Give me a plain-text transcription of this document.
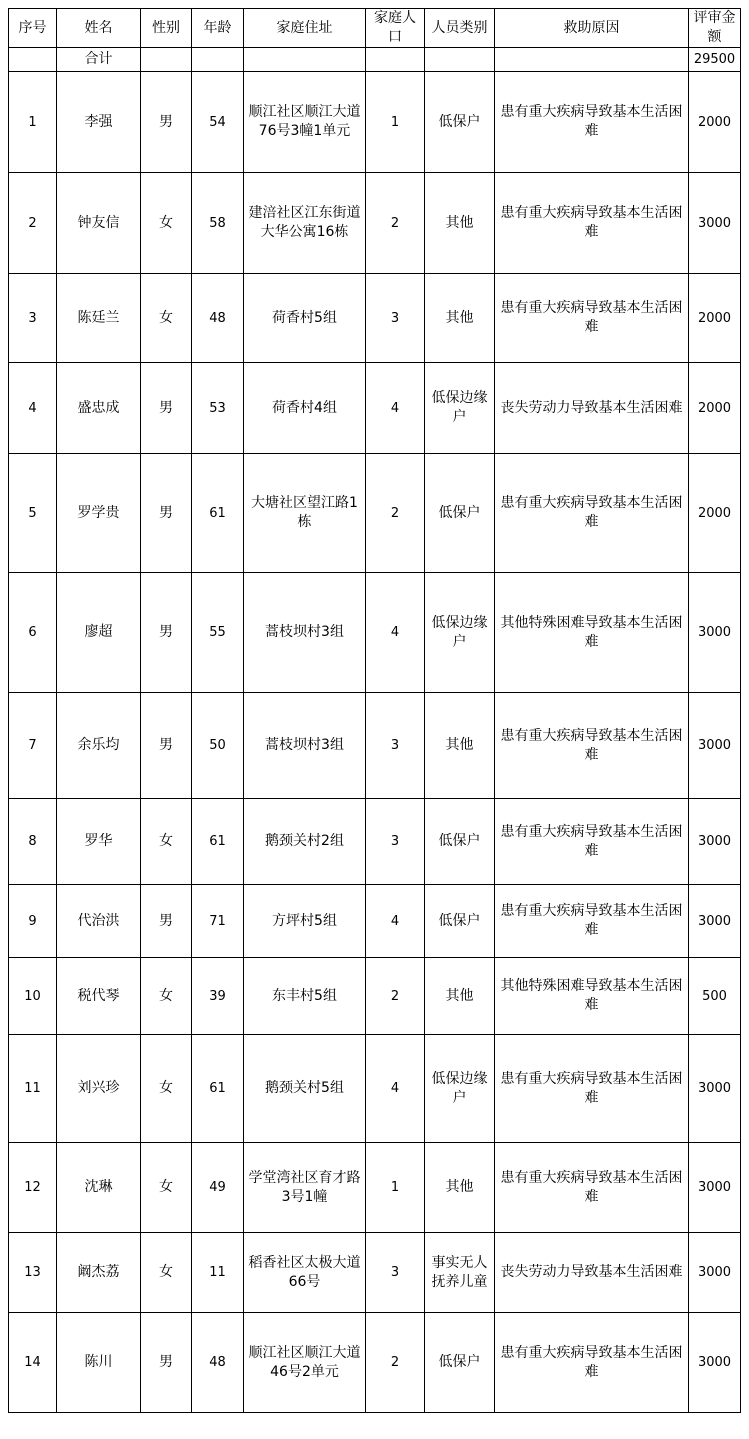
序号	姓名	性别	年龄	家庭住址	家庭人口	人员类别	救助原因	评审金额
	合计							29500
1	李强	男	54	顺江社区顺江大道76号3幢1单元	1	低保户	患有重大疾病导致基本生活困难	2000
2	钟友信	女	58	建涪社区江东街道大华公寓16栋	2	其他	患有重大疾病导致基本生活困难	3000
3	陈廷兰	女	48	荷香村5组	3	其他	患有重大疾病导致基本生活困难	2000
4	盛忠成	男	53	荷香村4组	4	低保边缘户	丧失劳动力导致基本生活困难	2000
5	罗学贵	男	61	大塘社区望江路1栋	2	低保户	患有重大疾病导致基本生活困难	2000
6	廖超	男	55	蒿枝坝村3组	4	低保边缘户	其他特殊困难导致基本生活困难	3000
7	余乐均	男	50	蒿枝坝村3组	3	其他	患有重大疾病导致基本生活困难	3000
8	罗华	女	61	鹅颈关村2组	3	低保户	患有重大疾病导致基本生活困难	3000
9	代治洪	男	71	方坪村5组	4	低保户	患有重大疾病导致基本生活困难	3000
10	税代琴	女	39	东丰村5组	2	其他	其他特殊困难导致基本生活困难	500
11	刘兴珍	女	61	鹅颈关村5组	4	低保边缘户	患有重大疾病导致基本生活困难	3000
12	沈琳	女	49	学堂湾社区育才路3号1幢	1	其他	患有重大疾病导致基本生活困难	3000
13	阚杰荔	女	11	稻香社区太极大道66号	3	事实无人抚养儿童	丧失劳动力导致基本生活困难	3000
14	陈川	男	48	顺江社区顺江大道46号2单元	2	低保户	患有重大疾病导致基本生活困难	3000
